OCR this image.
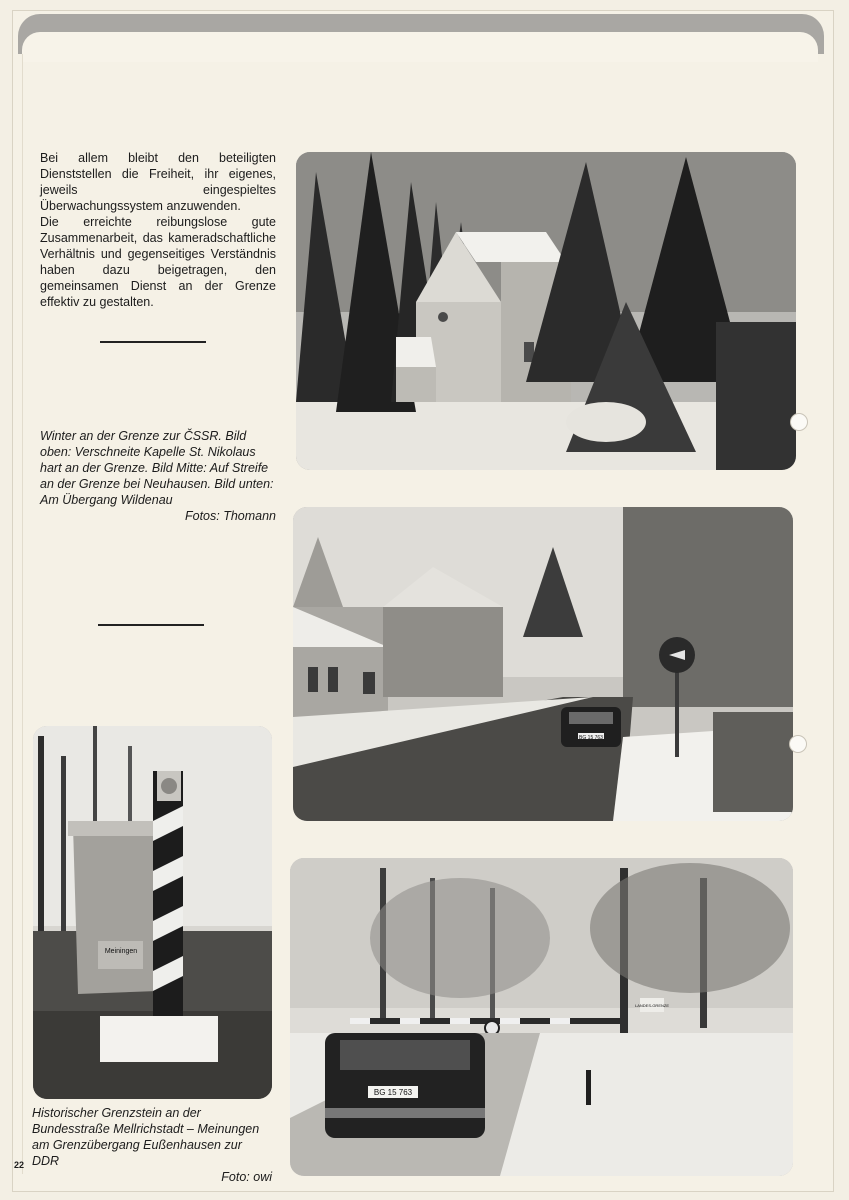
Bei allem bleibt den beteiligten Dienststellen die Freiheit, ihr eigenes, jeweils eingespieltes Überwachungssystem anzuwenden.

Die erreichte reibungslose gute Zusammenarbeit, das kameradschaftliche Verhältnis und gegenseitiges Verständnis haben dazu beigetragen, den gemeinsamen Dienst an der Grenze effektiv zu gestalten.

Winter an der Grenze zur ČSSR. Bild oben: Verschneite Kapelle St. Nikolaus hart an der Grenze. Bild Mitte: Auf Streife an der Grenze bei Neuhausen. Bild unten: Am Übergang Wildenau
Fotos: Thomann
Historischer Grenzstein an der Bundesstraße Mellrichstadt – Meinungen am Grenzübergang Eußenhausen zur DDR
Foto: owi
BG 15 763
Meiningen
LANDES-GRENZE
BG 15 763
22
